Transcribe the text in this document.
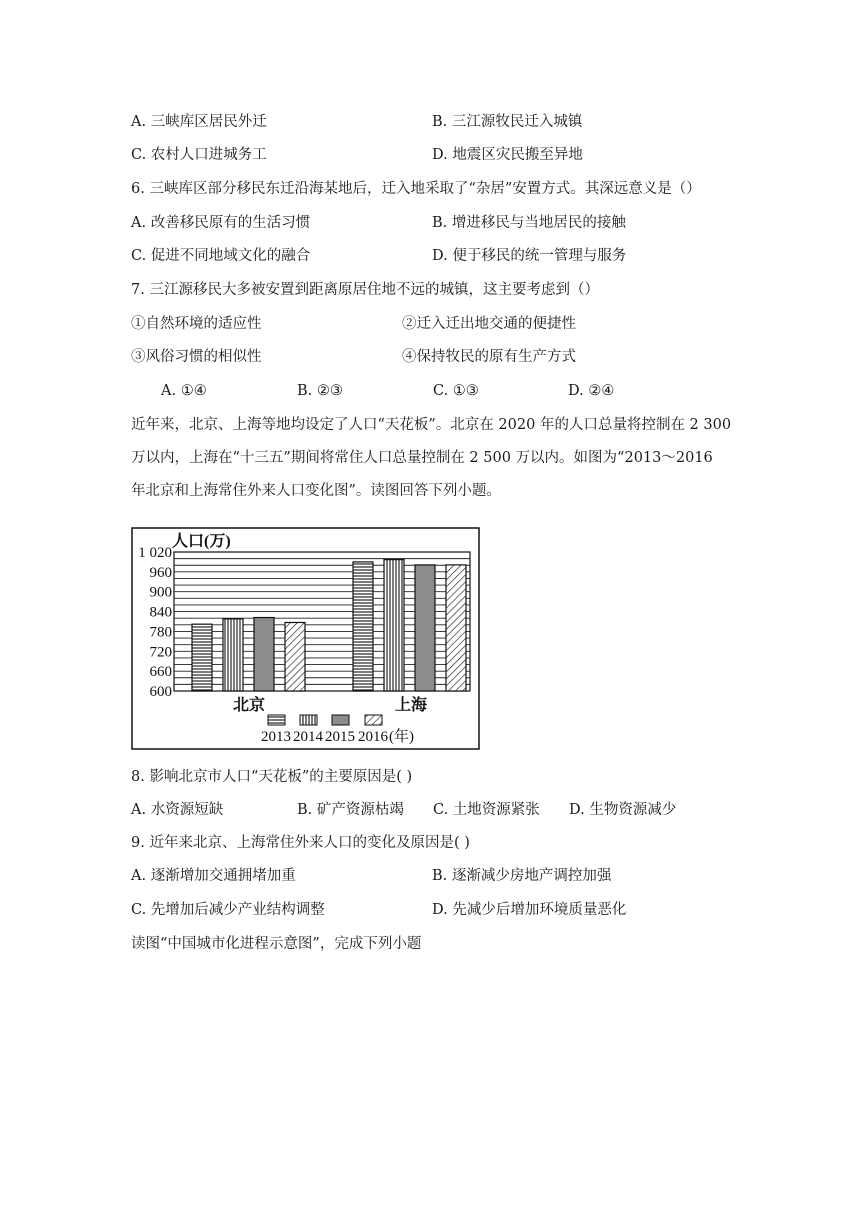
A. 三峡库区居民外迁	B. 三江源牧民迁入城镇
C. 农村人口进城务工	D. 地震区灾民搬至异地
6. 三峡库区部分移民东迁沿海某地后，迁入地采取了“杂居”安置方式。其深远意义是（）
A. 改善移民原有的生活习惯	B. 增进移民与当地居民的接触
C. 促进不同地域文化的融合	D. 便于移民的统一管理与服务
7. 三江源移民大多被安置到距离原居住地不远的城镇，这主要考虑到（）
①自然环境的适应性	②迁入迁出地交通的便捷性
③风俗习惯的相似性	④保持牧民的原有生产方式
A. ①④	B. ②③	C. ①③	D. ②④
近年来，北京、上海等地均设定了人口“天花板”。北京在 2020 年的人口总量将控制在 2 300
万以内，上海在“十三五”期间将常住人口总量控制在 2 500 万以内。如图为“2013～2016
年北京和上海常住外来人口变化图”。读图回答下列小题。
1 020
960
900
840
780
720
660
600
人口(万)
北京	上海
2013 2014 2015 2016 (年)
8. 影响北京市人口“天花板”的主要原因是( )
A. 水资源短缺	B. 矿产资源枯竭 C. 土地资源紧张 D. 生物资源减少
9. 近年来北京、上海常住外来人口的变化及原因是( )
A. 逐渐增加交通拥堵加重	B. 逐渐减少房地产调控加强
C. 先增加后减少产业结构调整	D. 先减少后增加环境质量恶化
读图“中国城市化进程示意图”，完成下列小题
